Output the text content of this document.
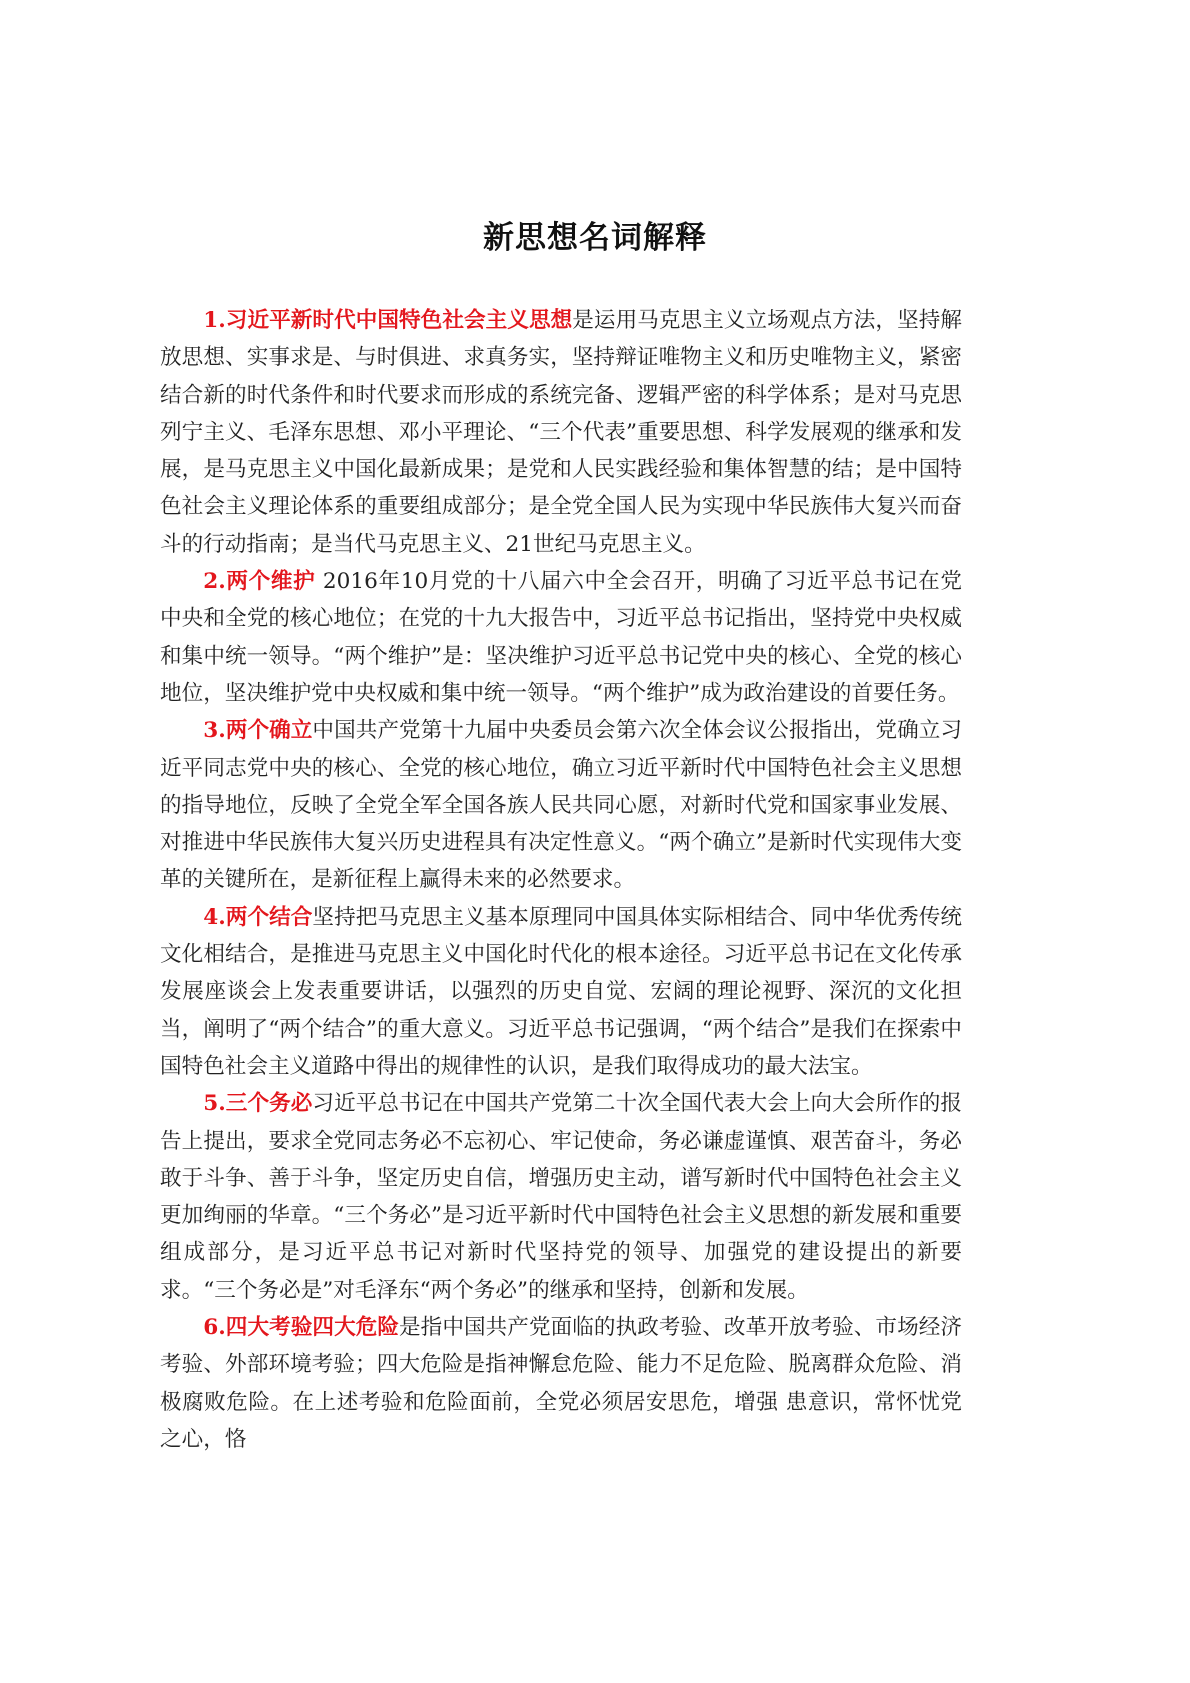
新思想名词解释

1.习近平新时代中国特色社会主义思想是运用马克思主义立场观点方法，坚持解放思想、实事求是、与时俱进、求真务实，坚持辩证唯物主义和历史唯物主义，紧密结合新的时代条件和时代要求而形成的系统完备、逻辑严密的科学体系；是对马克思列宁主义、毛泽东思想、邓小平理论、“三个代表”重要思想、科学发展观的继承和发展，是马克思主义中国化最新成果；是党和人民实践经验和集体智慧的结；是中国特色社会主义理论体系的重要组成部分；是全党全国人民为实现中华民族伟大复兴而奋斗的行动指南；是当代马克思主义、21世纪马克思主义。

2.两个维护 2016年10月党的十八届六中全会召开，明确了习近平总书记在党中央和全党的核心地位；在党的十九大报告中，习近平总书记指出，坚持党中央权威和集中统一领导。“两个维护”是：坚决维护习近平总书记党中央的核心、全党的核心地位，坚决维护党中央权威和集中统一领导。“两个维护”成为政治建设的首要任务。

3.两个确立中国共产党第十九届中央委员会第六次全体会议公报指出，党确立习近平同志党中央的核心、全党的核心地位，确立习近平新时代中国特色社会主义思想的指导地位，反映了全党全军全国各族人民共同心愿，对新时代党和国家事业发展、对推进中华民族伟大复兴历史进程具有决定性意义。“两个确立”是新时代实现伟大变革的关键所在，是新征程上赢得未来的必然要求。

4.两个结合坚持把马克思主义基本原理同中国具体实际相结合、同中华优秀传统文化相结合，是推进马克思主义中国化时代化的根本途径。习近平总书记在文化传承发展座谈会上发表重要讲话，以强烈的历史自觉、宏阔的理论视野、深沉的文化担当，阐明了“两个结合”的重大意义。习近平总书记强调，“两个结合”是我们在探索中国特色社会主义道路中得出的规律性的认识，是我们取得成功的最大法宝。

5.三个务必习近平总书记在中国共产党第二十次全国代表大会上向大会所作的报告上提出，要求全党同志务必不忘初心、牢记使命，务必谦虚谨慎、艰苦奋斗，务必敢于斗争、善于斗争，坚定历史自信，增强历史主动，谱写新时代中国特色社会主义更加绚丽的华章。“三个务必”是习近平新时代中国特色社会主义思想的新发展和重要组成部分，是习近平总书记对新时代坚持党的领导、加强党的建设提出的新要求。“三个务必是”对毛泽东“两个务必”的继承和坚持，创新和发展。

6.四大考验四大危险是指中国共产党面临的执政考验、改革开放考验、市场经济考验、外部环境考验；四大危险是指神懈怠危险、能力不足危险、脱离群众危险、消极腐败危险。在上述考验和危险面前，全党必须居安思危，增强 患意识，常怀忧党之心，恪
